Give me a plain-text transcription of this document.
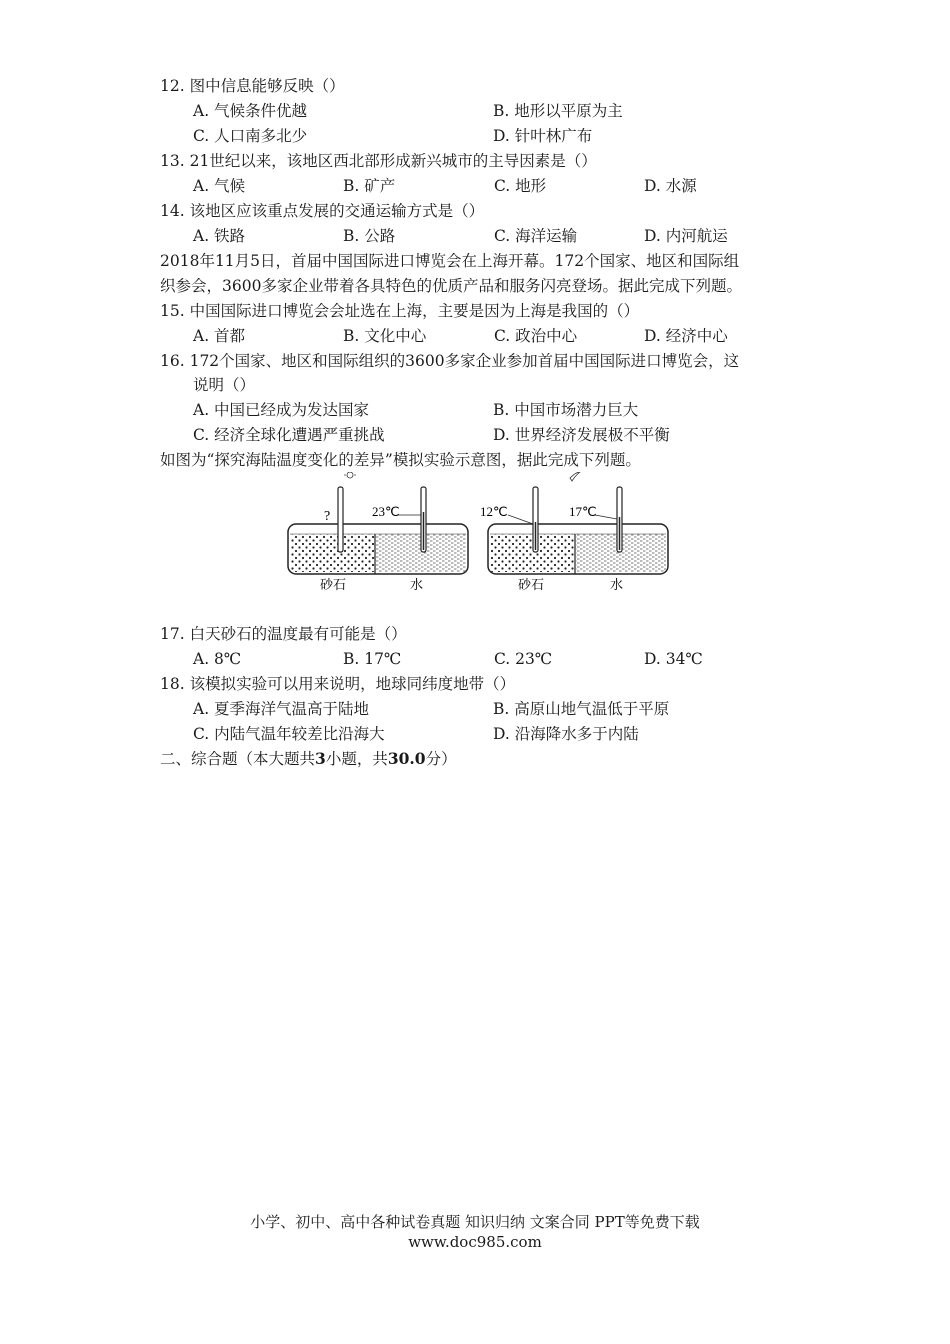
12. 图中信息能够反映（）
A. 气候条件优越	B. 地形以平原为主
C. 人口南多北少	D. 针叶林广布
13. 21世纪以来，该地区西北部形成新兴城市的主导因素是（）
A. 气候	B. 矿产	C. 地形	D. 水源
14. 该地区应该重点发展的交通运输方式是（）
A. 铁路	B. 公路	C. 海洋运输	D. 内河航运
2018年11月5日，首届中国国际进口博览会在上海开幕。172个国家、地区和国际组
织参会，3600多家企业带着各具特色的优质产品和服务闪亮登场。据此完成下列题。
15. 中国国际进口博览会会址选在上海，主要是因为上海是我国的（）
A. 首都	B. 文化中心	C. 政治中心	D. 经济中心
16. 172个国家、地区和国际组织的3600多家企业参加首届中国国际进口博览会，这
说明（）
A. 中国已经成为发达国家	B. 中国市场潜力巨大
C. 经济全球化遭遇严重挑战	D. 世界经济发展极不平衡
如图为“探究海陆温度变化的差异”模拟实验示意图，据此完成下列题。
?	23℃
砂石	水
12℃	17℃
砂石	水
17. 白天砂石的温度最有可能是（）
A. 8℃	B. 17℃	C. 23℃	D. 34℃
18. 该模拟实验可以用来说明，地球同纬度地带（）
A. 夏季海洋气温高于陆地	B. 高原山地气温低于平原
C. 内陆气温年较差比沿海大	D. 沿海降水多于内陆
二、综合题（本大题共3小题，共30.0分）
小学、初中、高中各种试卷真题 知识归纳 文案合同 PPT等免费下载
www.doc985.com
